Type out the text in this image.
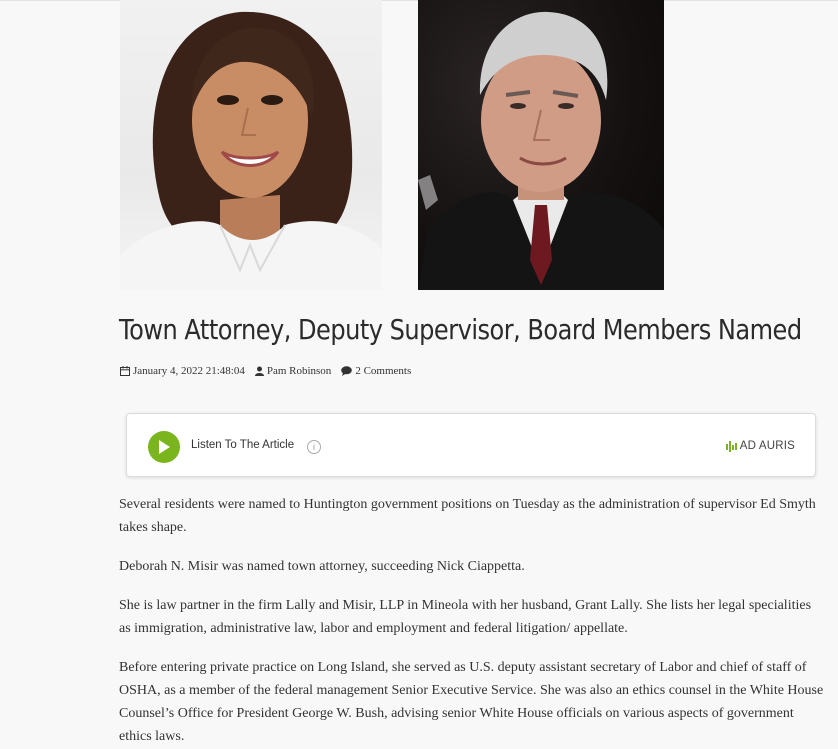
Town Attorney, Deputy Supervisor, Board Members Named
January 4, 2022 21:48:04 Pam Robinson 2 Comments
Listen To The Article	i	AD AURIS

Several residents were named to Huntington government positions on Tuesday as the administration of supervisor Ed Smyth takes shape.

Deborah N. Misir was named town attorney, succeeding Nick Ciappetta.

She is law partner in the firm Lally and Misir, LLP in Mineola with her husband, Grant Lally. She lists her legal specialities as immigration, administrative law, labor and employment and federal litigation/ appellate.

Before entering private practice on Long Island, she served as U.S. deputy assistant secretary of Labor and chief of staff of OSHA, as a member of the federal management Senior Executive Service. She was also an ethics counsel in the White House Counsel’s Office for President George W. Bush, advising senior White House officials on various aspects of government ethics laws.
